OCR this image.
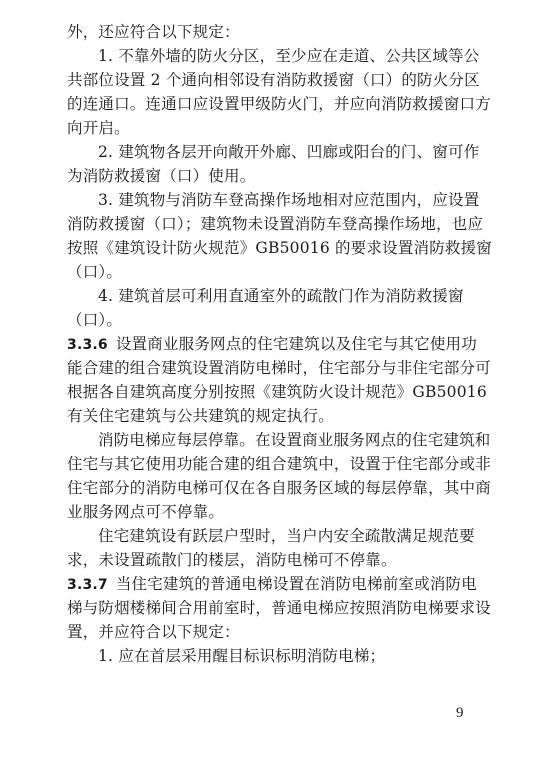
外，还应符合以下规定：
1. 不靠外墙的防火分区，至少应在走道、公共区域等公
共部位设置 2 个通向相邻设有消防救援窗（口）的防火分区
的连通口。连通口应设置甲级防火门，并应向消防救援窗口方
向开启。
2. 建筑物各层开向敞开外廊、凹廊或阳台的门、窗可作
为消防救援窗（口）使用。
3. 建筑物与消防车登高操作场地相对应范围内，应设置
消防救援窗（口）；建筑物未设置消防车登高操作场地，也应
按照《建筑设计防火规范》GB50016 的要求设置消防救援窗
（口）。
4. 建筑首层可利用直通室外的疏散门作为消防救援窗
（口）。
3.3.6  设置商业服务网点的住宅建筑以及住宅与其它使用功
能合建的组合建筑设置消防电梯时，住宅部分与非住宅部分可
根据各自建筑高度分别按照《建筑防火设计规范》GB50016
有关住宅建筑与公共建筑的规定执行。
消防电梯应每层停靠。在设置商业服务网点的住宅建筑和
住宅与其它使用功能合建的组合建筑中，设置于住宅部分或非
住宅部分的消防电梯可仅在各自服务区域的每层停靠，其中商
业服务网点可不停靠。
住宅建筑设有跃层户型时，当户内安全疏散满足规范要
求，未设置疏散门的楼层，消防电梯可不停靠。
3.3.7  当住宅建筑的普通电梯设置在消防电梯前室或消防电
梯与防烟楼梯间合用前室时，普通电梯应按照消防电梯要求设
置，并应符合以下规定：
1. 应在首层采用醒目标识标明消防电梯；
9
